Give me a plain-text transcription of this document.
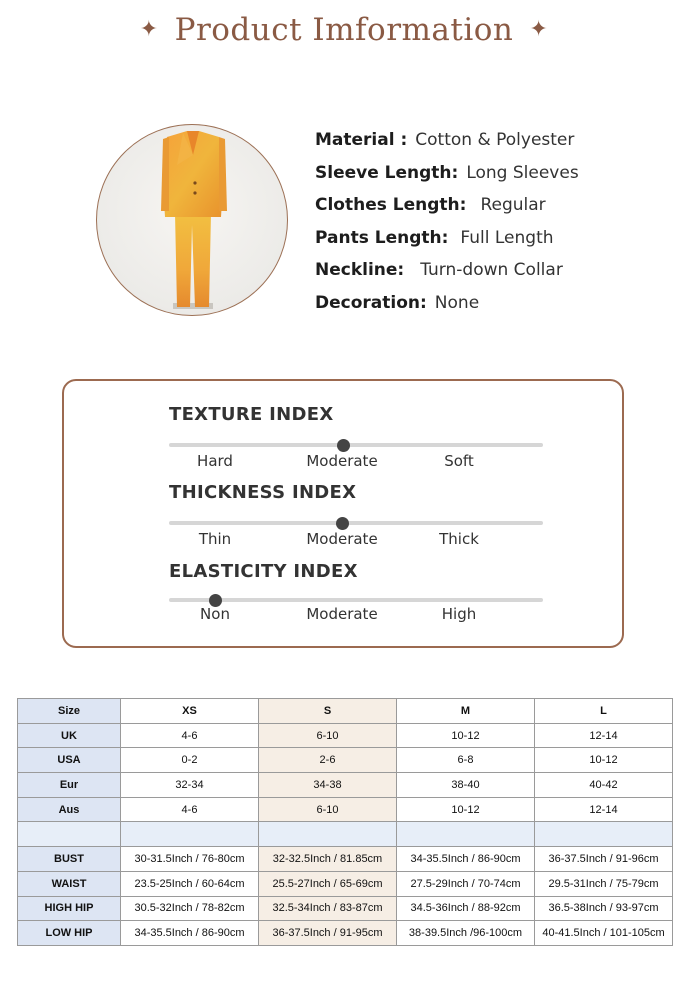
✦ Product Imformation ✦
Material : Cotton & Polyester
Sleeve Length: Long Sleeves
Clothes Length: Regular
Pants Length: Full Length
Neckline: Turn-down Collar
Decoration: None
TEXTURE INDEX
Hard	Moderate	Soft
THICKNESS INDEX
Thin	Moderate	Thick
ELASTICITY INDEX
Non	Moderate	High
Size	XS	S	M	L
UK	4-6	6-10	10-12	12-14
USA	0-2	2-6	6-8	10-12
Eur	32-34	34-38	38-40	40-42
Aus	4-6	6-10	10-12	12-14

BUST	30-31.5Inch / 76-80cm	32-32.5Inch / 81.85cm	34-35.5Inch / 86-90cm	36-37.5Inch / 91-96cm
WAIST	23.5-25Inch / 60-64cm	25.5-27Inch / 65-69cm	27.5-29Inch / 70-74cm	29.5-31Inch / 75-79cm
HIGH HIP	30.5-32Inch / 78-82cm	32.5-34Inch / 83-87cm	34.5-36Inch / 88-92cm	36.5-38Inch / 93-97cm
LOW HIP	34-35.5Inch / 86-90cm	36-37.5Inch / 91-95cm	38-39.5Inch /96-100cm	40-41.5Inch / 101-105cm
